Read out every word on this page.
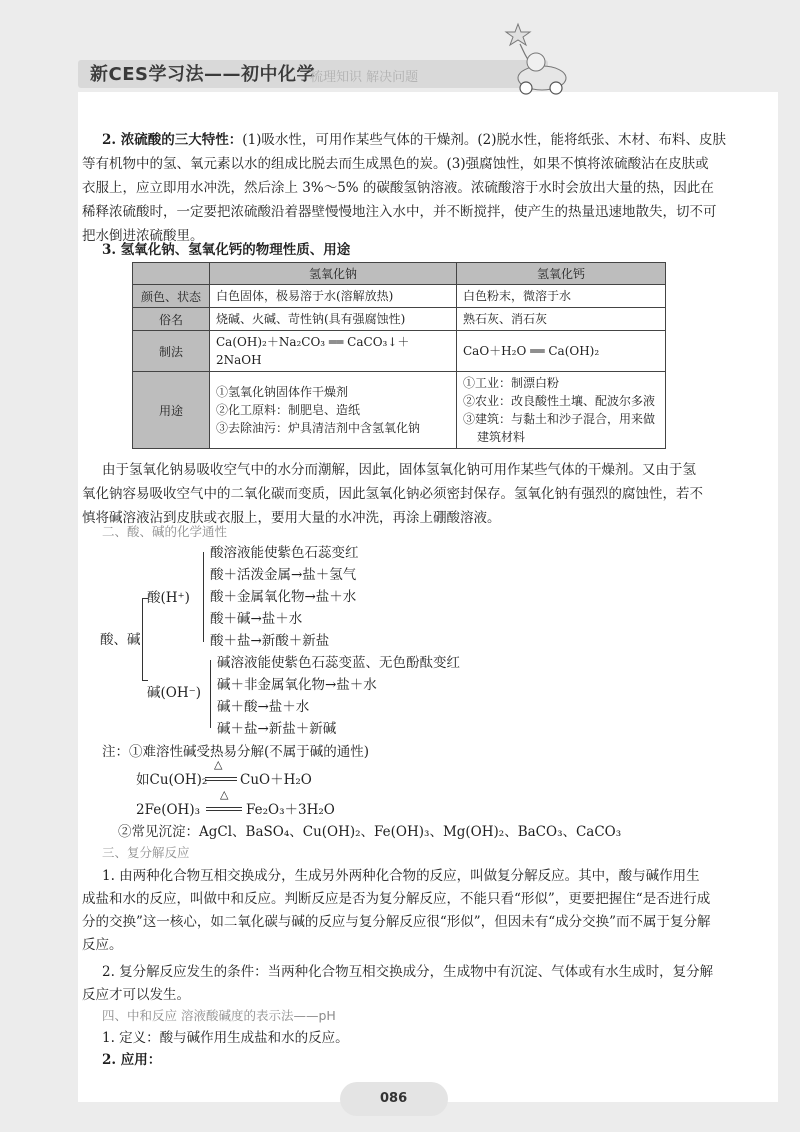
新CES学习法——初中化学
梳理知识 解决问题
2. 浓硫酸的三大特性：(1)吸水性，可用作某些气体的干燥剂。(2)脱水性，能将纸张、木材、布料、皮肤
等有机物中的氢、氧元素以水的组成比脱去而生成黑色的炭。(3)强腐蚀性，如果不慎将浓硫酸沾在皮肤或
衣服上，应立即用水冲洗，然后涂上 3%～5% 的碳酸氢钠溶液。浓硫酸溶于水时会放出大量的热，因此在
稀释浓硫酸时，一定要把浓硫酸沿着器壁慢慢地注入水中，并不断搅拌，使产生的热量迅速地散失，切不可
把水倒进浓硫酸里。
3. 氢氧化钠、氢氧化钙的物理性质、用途
	氢氧化钠	氢氧化钙
颜色、状态	白色固体，极易溶于水(溶解放热)	白色粉末，微溶于水

俗名	烧碱、火碱、苛性钠(具有强腐蚀性)	熟石灰、消石灰

制法	Ca(OH)₂＋Na₂CO₃ ══ CaCO₃↓＋2NaOH	CaO＋H₂O ══ Ca(OH)₂

用途	①氢氧化钠固体作干燥剂
②化工原料：制肥皂、造纸
③去除油污：炉具清洁剂中含氢氧化钠	①工业：制漂白粉
②农业：改良酸性土壤、配波尔多液
③建筑：与黏土和沙子混合，用来做
建筑材料
由于氢氧化钠易吸收空气中的水分而潮解，因此，固体氢氧化钠可用作某些气体的干燥剂。又由于氢
氧化钠容易吸收空气中的二氧化碳而变质，因此氢氧化钠必须密封保存。氢氧化钠有强烈的腐蚀性，若不
慎将碱溶液沾到皮肤或衣服上，要用大量的水冲洗，再涂上硼酸溶液。
二、酸、碱的化学通性
酸、碱
酸(H⁺)
酸溶液能使紫色石蕊变红
酸＋活泼金属→盐＋氢气
酸＋金属氧化物→盐＋水
酸＋碱→盐＋水
酸＋盐→新酸＋新盐
碱(OH⁻)
碱溶液能使紫色石蕊变蓝、无色酚酞变红
碱＋非金属氧化物→盐＋水
碱＋酸→盐＋水
碱＋盐→新盐＋新碱
注：①难溶性碱受热易分解(不属于碱的通性)
如Cu(OH)₂
△
CuO＋H₂O
2Fe(OH)₃
△
Fe₂O₃＋3H₂O
②常见沉淀：AgCl、BaSO₄、Cu(OH)₂、Fe(OH)₃、Mg(OH)₂、BaCO₃、CaCO₃
三、复分解反应
1. 由两种化合物互相交换成分，生成另外两种化合物的反应，叫做复分解反应。其中，酸与碱作用生
成盐和水的反应，叫做中和反应。判断反应是否为复分解反应，不能只看“形似”，更要把握住“是否进行成
分的交换”这一核心，如二氧化碳与碱的反应与复分解反应很“形似”，但因未有“成分交换”而不属于复分解
反应。
2. 复分解反应发生的条件：当两种化合物互相交换成分，生成物中有沉淀、气体或有水生成时，复分解
反应才可以发生。
四、中和反应 溶液酸碱度的表示法——pH
1. 定义：酸与碱作用生成盐和水的反应。
2. 应用：
086
